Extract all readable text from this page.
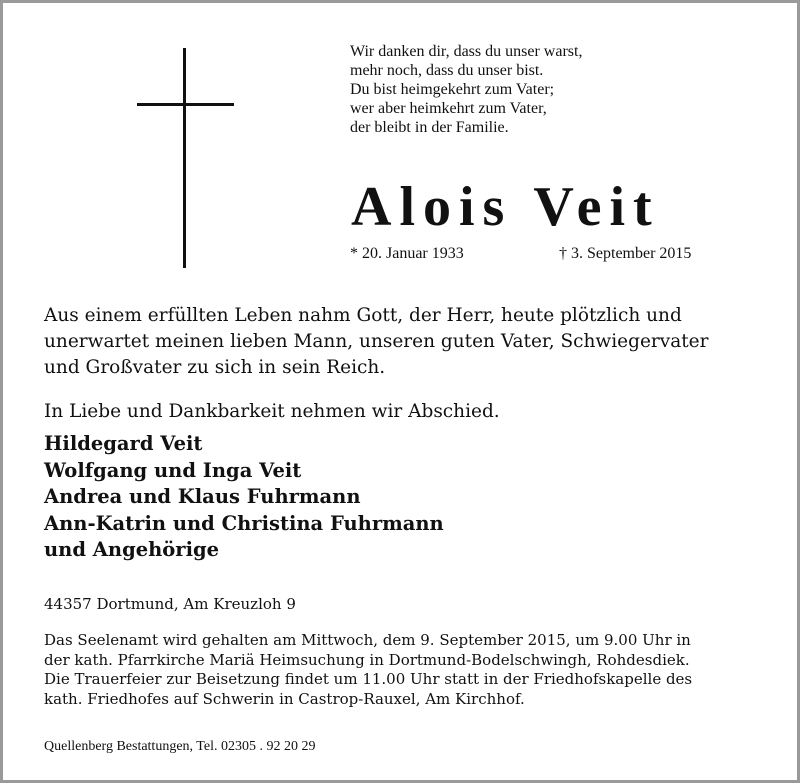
Wir danken dir, dass du unser warst,
mehr noch, dass du unser bist.
Du bist heimgekehrt zum Vater;
wer aber heimkehrt zum Vater,
der bleibt in der Familie.
Alois Veit
* 20. Januar 1933	† 3. September 2015
Aus einem erfüllten Leben nahm Gott, der Herr, heute plötzlich und
unerwartet meinen lieben Mann, unseren guten Vater, Schwiegervater
und Großvater zu sich in sein Reich.
In Liebe und Dankbarkeit nehmen wir Abschied.
Hildegard Veit
Wolfgang und Inga Veit
Andrea und Klaus Fuhrmann
Ann-Katrin und Christina Fuhrmann
und Angehörige
44357 Dortmund, Am Kreuzloh 9
Das Seelenamt wird gehalten am Mittwoch, dem 9. September 2015, um 9.00 Uhr in
der kath. Pfarrkirche Mariä Heimsuchung in Dortmund-Bodelschwingh, Rohdesdiek.
Die Trauerfeier zur Beisetzung findet um 11.00 Uhr statt in der Friedhofskapelle des
kath. Friedhofes auf Schwerin in Castrop-Rauxel, Am Kirchhof.
Quellenberg Bestattungen, Tel. 02305 . 92 20 29
